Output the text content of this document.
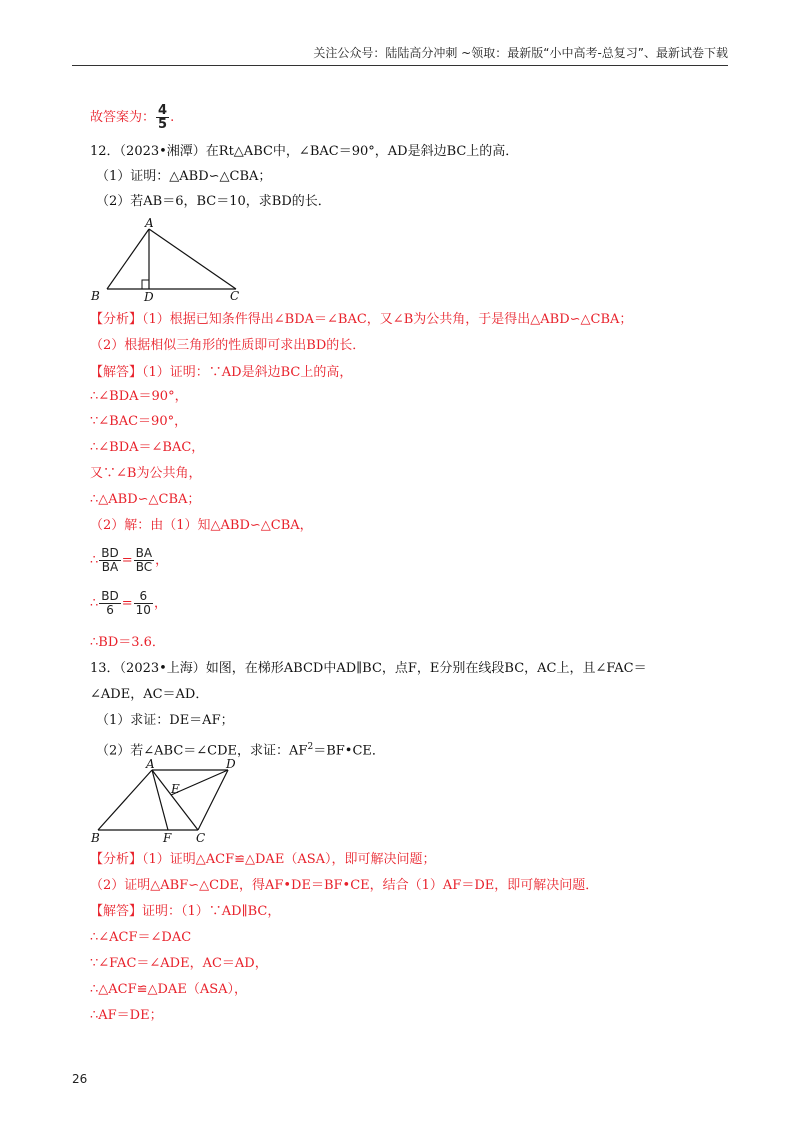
关注公众号：陆陆高分冲刺 ~领取：最新版“小中高考-总复习”、最新试卷下载
故答案为： $\frac{4}{5}$ .
12．（2023•湘潭）在Rt△ABC中，∠BAC＝90°，AD是斜边BC上的高．
（1）证明：△ABD∽△CBA；
（2）若AB＝6，BC＝10，求BD的长．
A
B	D	C
【分析】（1）根据已知条件得出∠BDA＝∠BAC，又∠B为公共角，于是得出△ABD∽△CBA；
（2）根据相似三角形的性质即可求出BD的长．
【解答】（1）证明：∵AD是斜边BC上的高，
∴∠BDA＝90°，
∵∠BAC＝90°，
∴∠BDA＝∠BAC，
又∵∠B为公共角，
∴△ABD∽△CBA；
（2）解：由（1）知△ABD∽△CBA，
∴ $\frac{BD}{BA} = \frac{BA}{BC}$ ，
∴ $\frac{BD}{6} = \frac{6}{10}$ ，
∴BD＝3.6．
13．（2023•上海）如图，在梯形ABCD中AD∥BC，点F，E分别在线段BC，AC上，且∠FAC＝
∠ADE，AC＝AD．
（1）求证：DE＝AF；
（2）若∠ABC＝∠CDE，求证：$AF^2=BF•CE$．
A	D
E
B	F C
【分析】（1）证明△ACF≌△DAE（ASA），即可解决问题；
（2）证明△ABF∽△CDE，得AF•DE＝BF•CE，结合（1）AF＝DE，即可解决问题．
【解答】证明：（1）∵AD∥BC，
∴∠ACF＝∠DAC
∵∠FAC＝∠ADE，AC＝AD，
∴△ACF≌△DAE（ASA），
∴AF＝DE；
26
